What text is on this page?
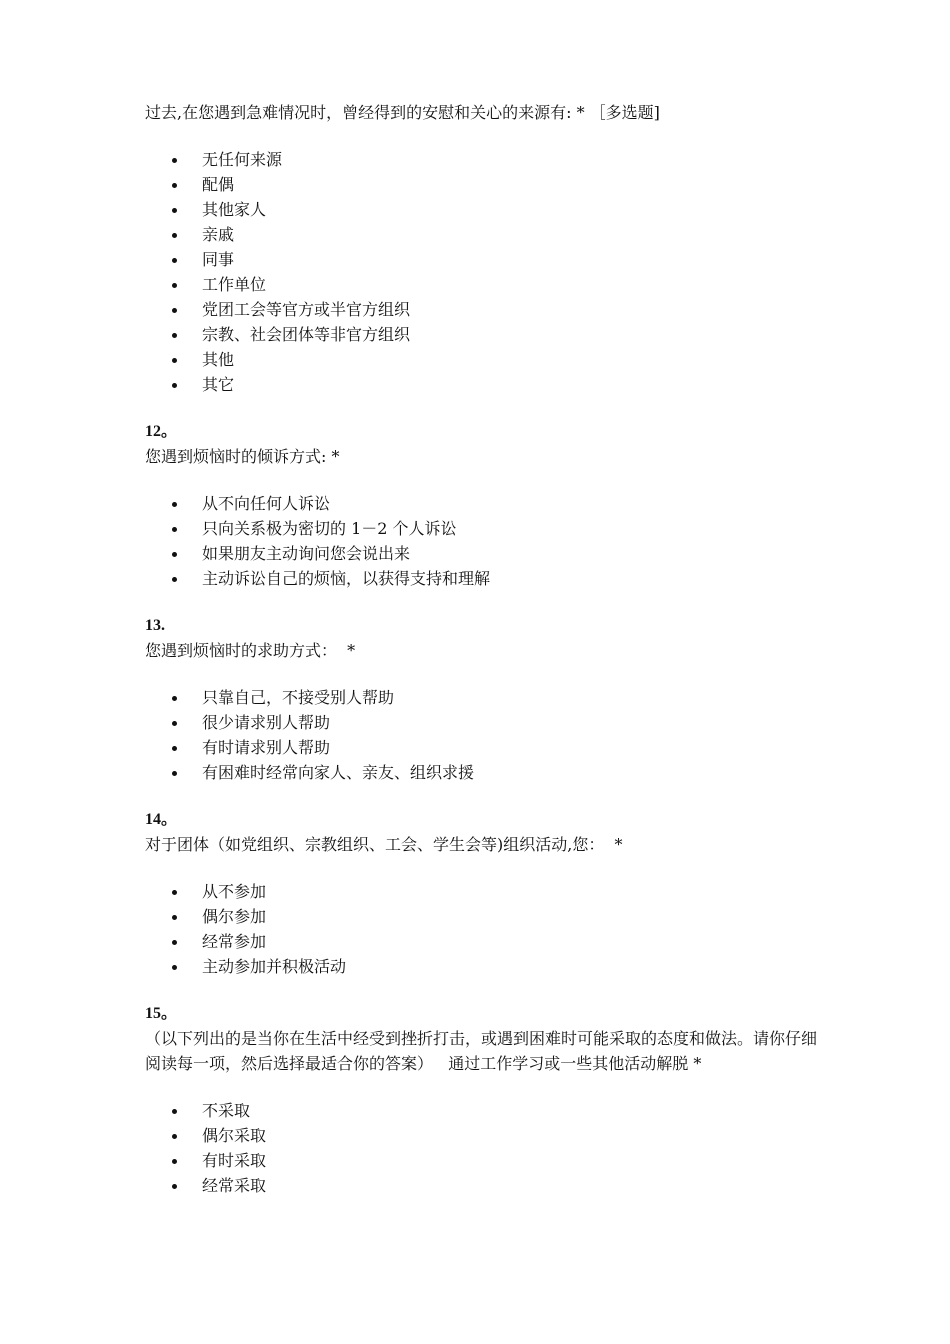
过去,在您遇到急难情况时，曾经得到的安慰和关心的来源有: * ［多选题]

无任何来源
配偶
其他家人
亲戚
同事
工作单位
党团工会等官方或半官方组织
宗教、社会团体等非官方组织
其他
其它

12。

您遇到烦恼时的倾诉方式: *

从不向任何人诉讼
只向关系极为密切的 1－2 个人诉讼
如果朋友主动询问您会说出来
主动诉讼自己的烦恼，以获得支持和理解

13.

您遇到烦恼时的求助方式：  *

只靠自己，不接受别人帮助
很少请求别人帮助
有时请求别人帮助
有困难时经常向家人、亲友、组织求援

14。

对于团体（如党组织、宗教组织、工会、学生会等)组织活动,您：  *

从不参加
偶尔参加
经常参加
主动参加并积极活动

15。

（以下列出的是当你在生活中经受到挫折打击，或遇到困难时可能采取的态度和做法。请你仔细阅读每一项，然后选择最适合你的答案）   通过工作学习或一些其他活动解脱 *

不采取
偶尔采取
有时采取
经常采取
